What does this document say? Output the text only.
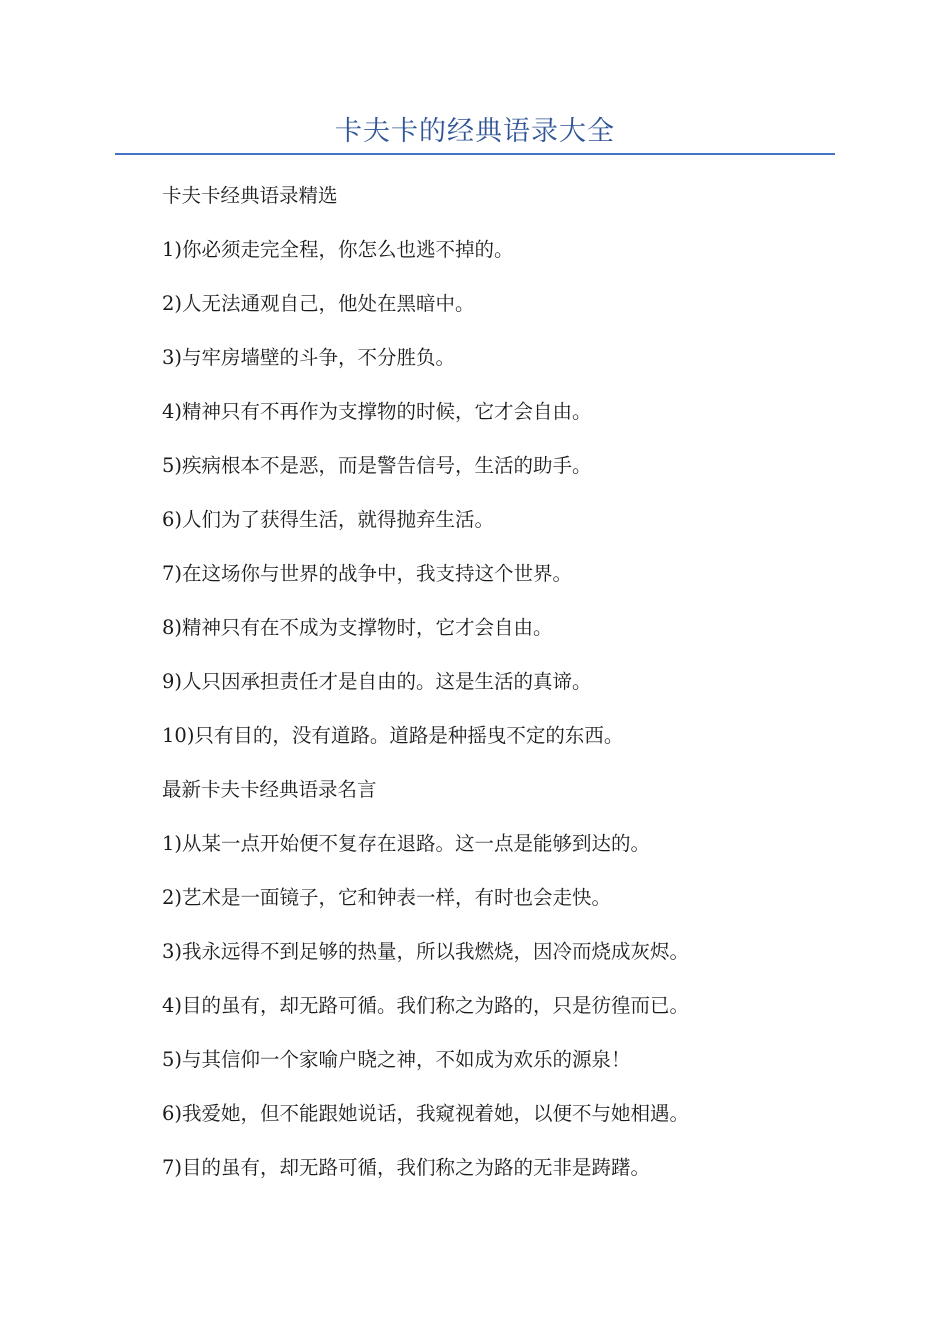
卡夫卡的经典语录大全
卡夫卡经典语录精选
1)你必须走完全程，你怎么也逃不掉的。
2)人无法通观自己，他处在黑暗中。
3)与牢房墙壁的斗争，不分胜负。
4)精神只有不再作为支撑物的时候，它才会自由。
5)疾病根本不是恶，而是警告信号，生活的助手。
6)人们为了获得生活，就得抛弃生活。
7)在这场你与世界的战争中，我支持这个世界。
8)精神只有在不成为支撑物时，它才会自由。
9)人只因承担责任才是自由的。这是生活的真谛。
10)只有目的，没有道路。道路是种摇曳不定的东西。
最新卡夫卡经典语录名言
1)从某一点开始便不复存在退路。这一点是能够到达的。
2)艺术是一面镜子，它和钟表一样，有时也会走快。
3)我永远得不到足够的热量，所以我燃烧，因冷而烧成灰烬。
4)目的虽有，却无路可循。我们称之为路的，只是彷徨而已。
5)与其信仰一个家喻户晓之神，不如成为欢乐的源泉！
6)我爱她，但不能跟她说话，我窥视着她，以便不与她相遇。
7)目的虽有，却无路可循，我们称之为路的无非是踌躇。
